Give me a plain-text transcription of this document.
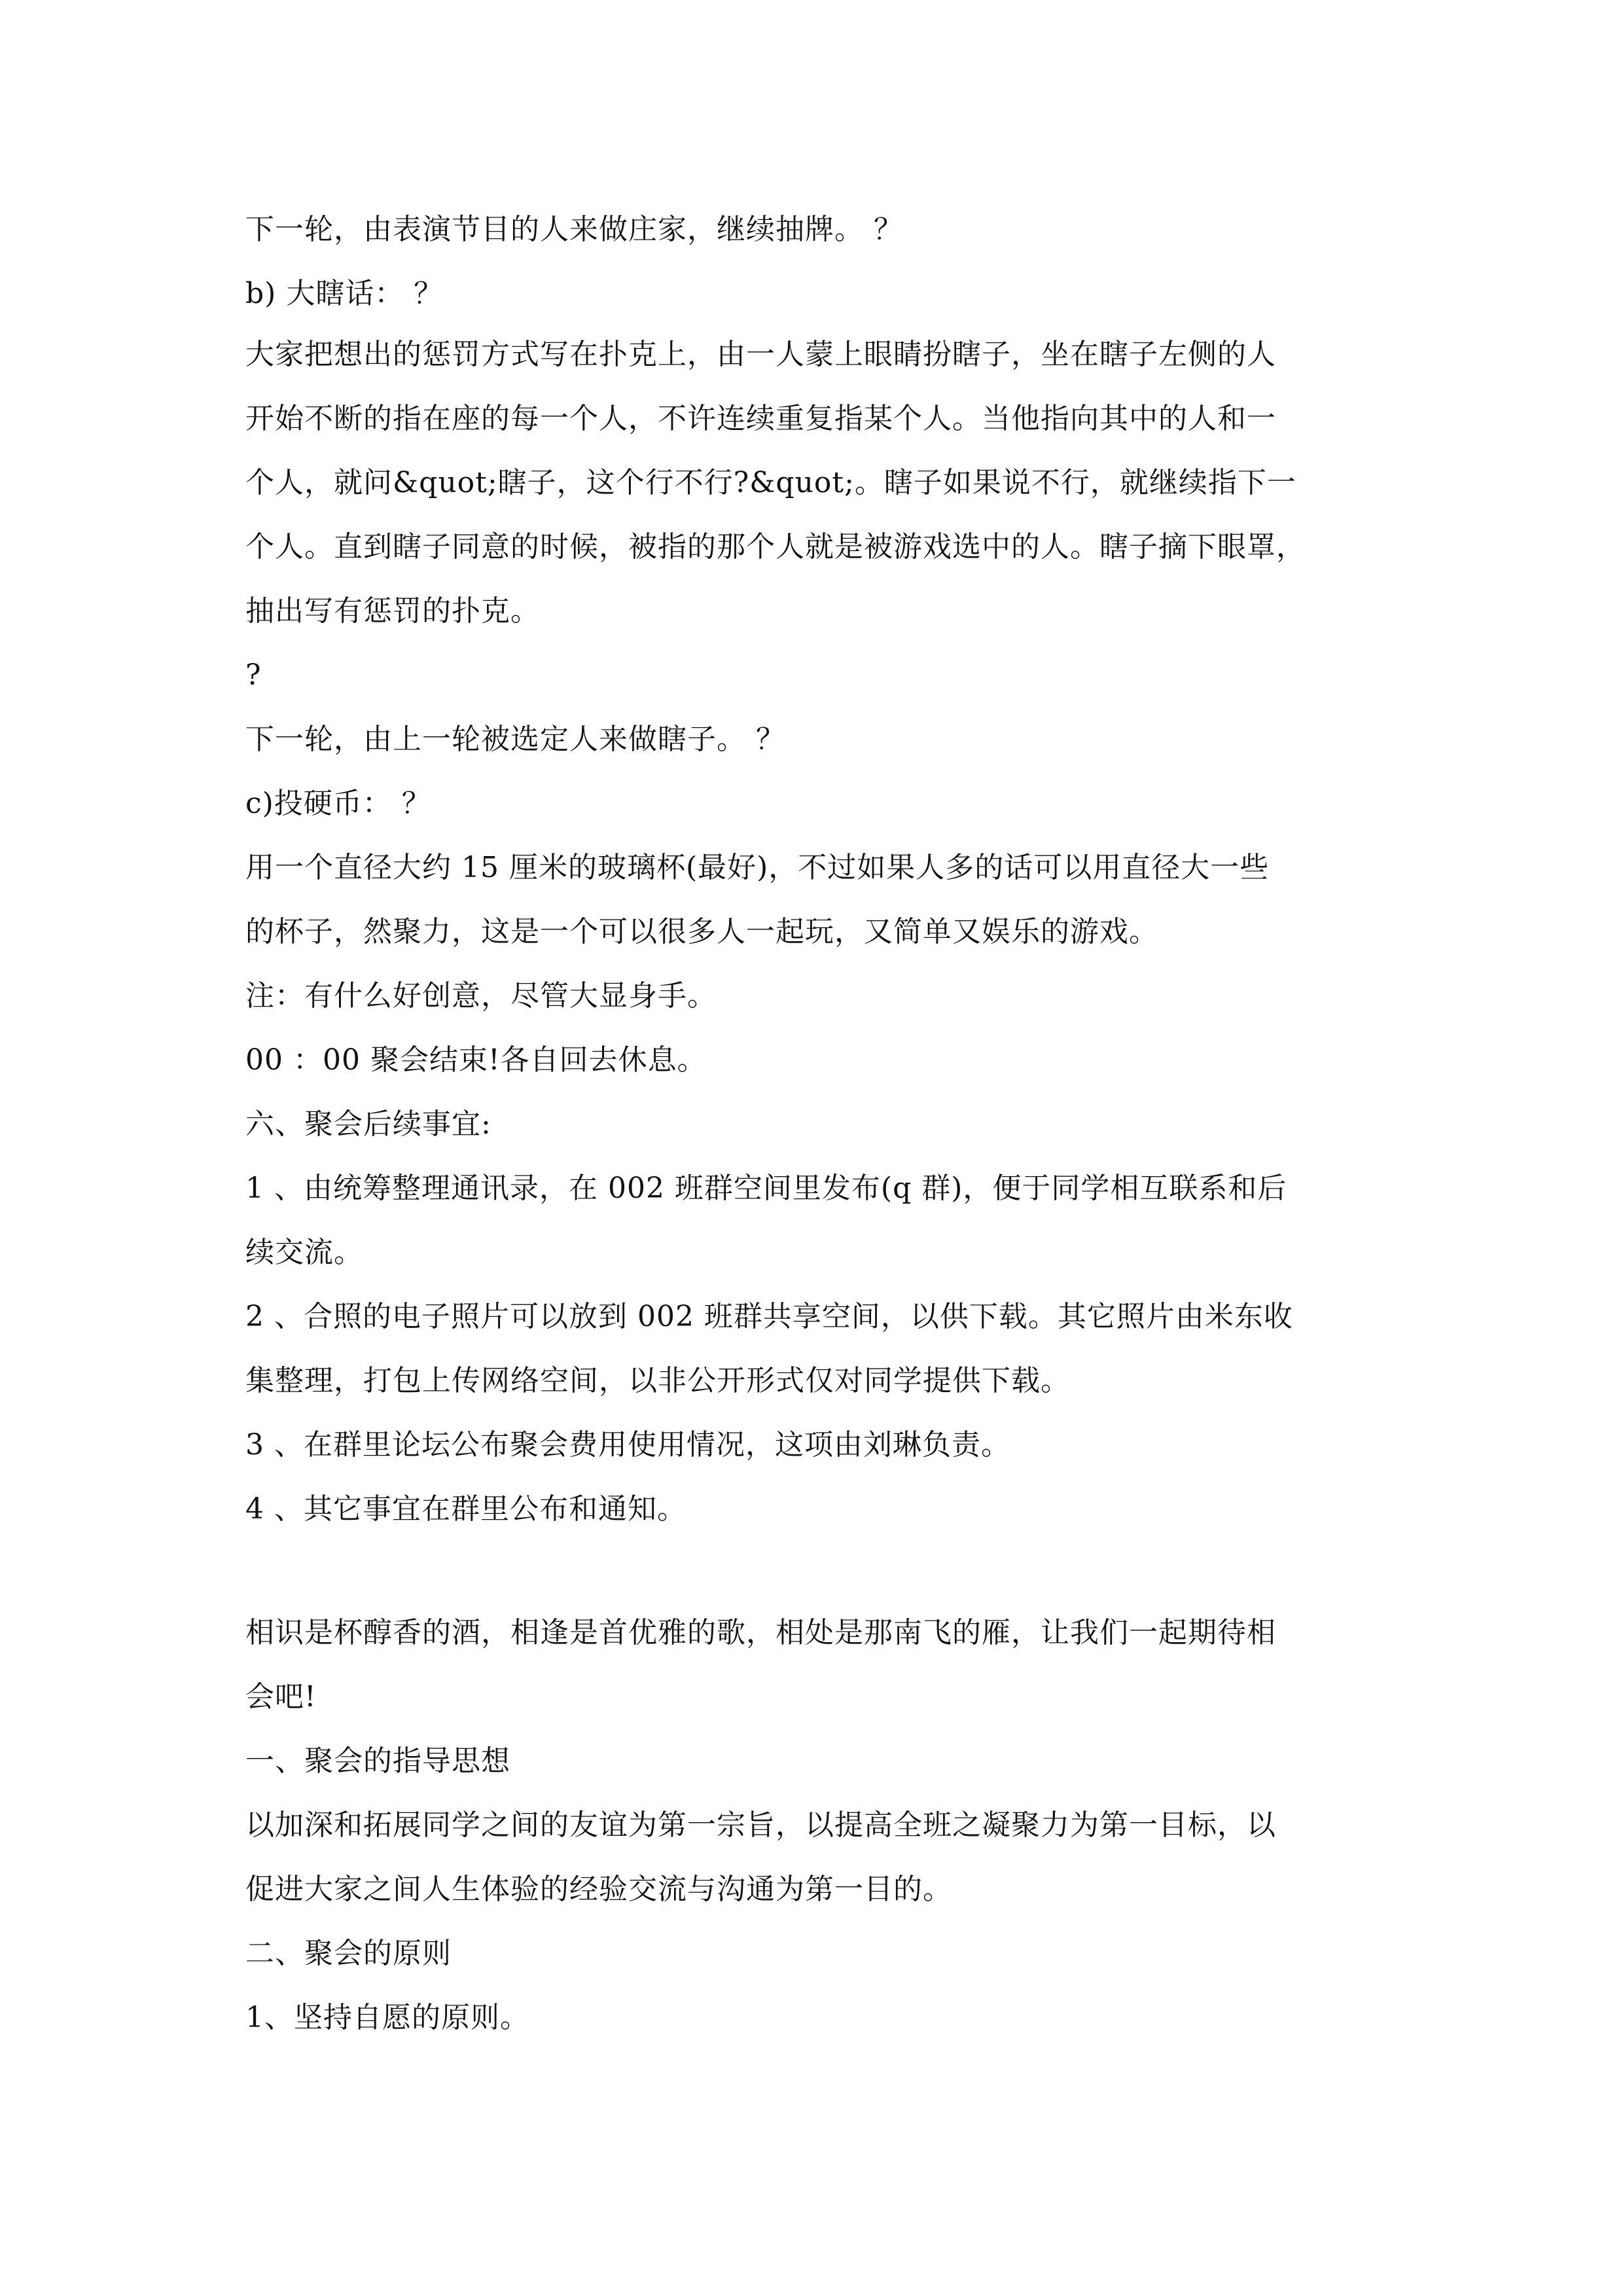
下一轮，由表演节目的人来做庄家，继续抽牌。 ？
b) 大瞎话： ？
大家把想出的惩罚方式写在扑克上，由一人蒙上眼睛扮瞎子，坐在瞎子左侧的人
开始不断的指在座的每一个人，不许连续重复指某个人。当他指向其中的人和一
个人，就问&quot;瞎子，这个行不行?&quot;。瞎子如果说不行，就继续指下一
个人。直到瞎子同意的时候，被指的那个人就是被游戏选中的人。瞎子摘下眼罩，
抽出写有惩罚的扑克。
?
下一轮，由上一轮被选定人来做瞎子。 ？
c)投硬币： ？
用一个直径大约 15 厘米的玻璃杯(最好)，不过如果人多的话可以用直径大一些
的杯子，然聚力，这是一个可以很多人一起玩，又简单又娱乐的游戏。
注：有什么好创意，尽管大显身手。
00 ：00 聚会结束!各自回去休息。
六、聚会后续事宜:
1 、由统筹整理通讯录，在 002 班群空间里发布(q 群)，便于同学相互联系和后
续交流。
2 、合照的电子照片可以放到 002 班群共享空间，以供下载。其它照片由米东收
集整理，打包上传网络空间，以非公开形式仅对同学提供下载。
3 、在群里论坛公布聚会费用使用情况，这项由刘琳负责。
4 、其它事宜在群里公布和通知。
相识是杯醇香的酒，相逢是首优雅的歌，相处是那南飞的雁，让我们一起期待相
会吧!
一、聚会的指导思想
以加深和拓展同学之间的友谊为第一宗旨，以提高全班之凝聚力为第一目标，以
促进大家之间人生体验的经验交流与沟通为第一目的。
二、聚会的原则
1、坚持自愿的原则。
